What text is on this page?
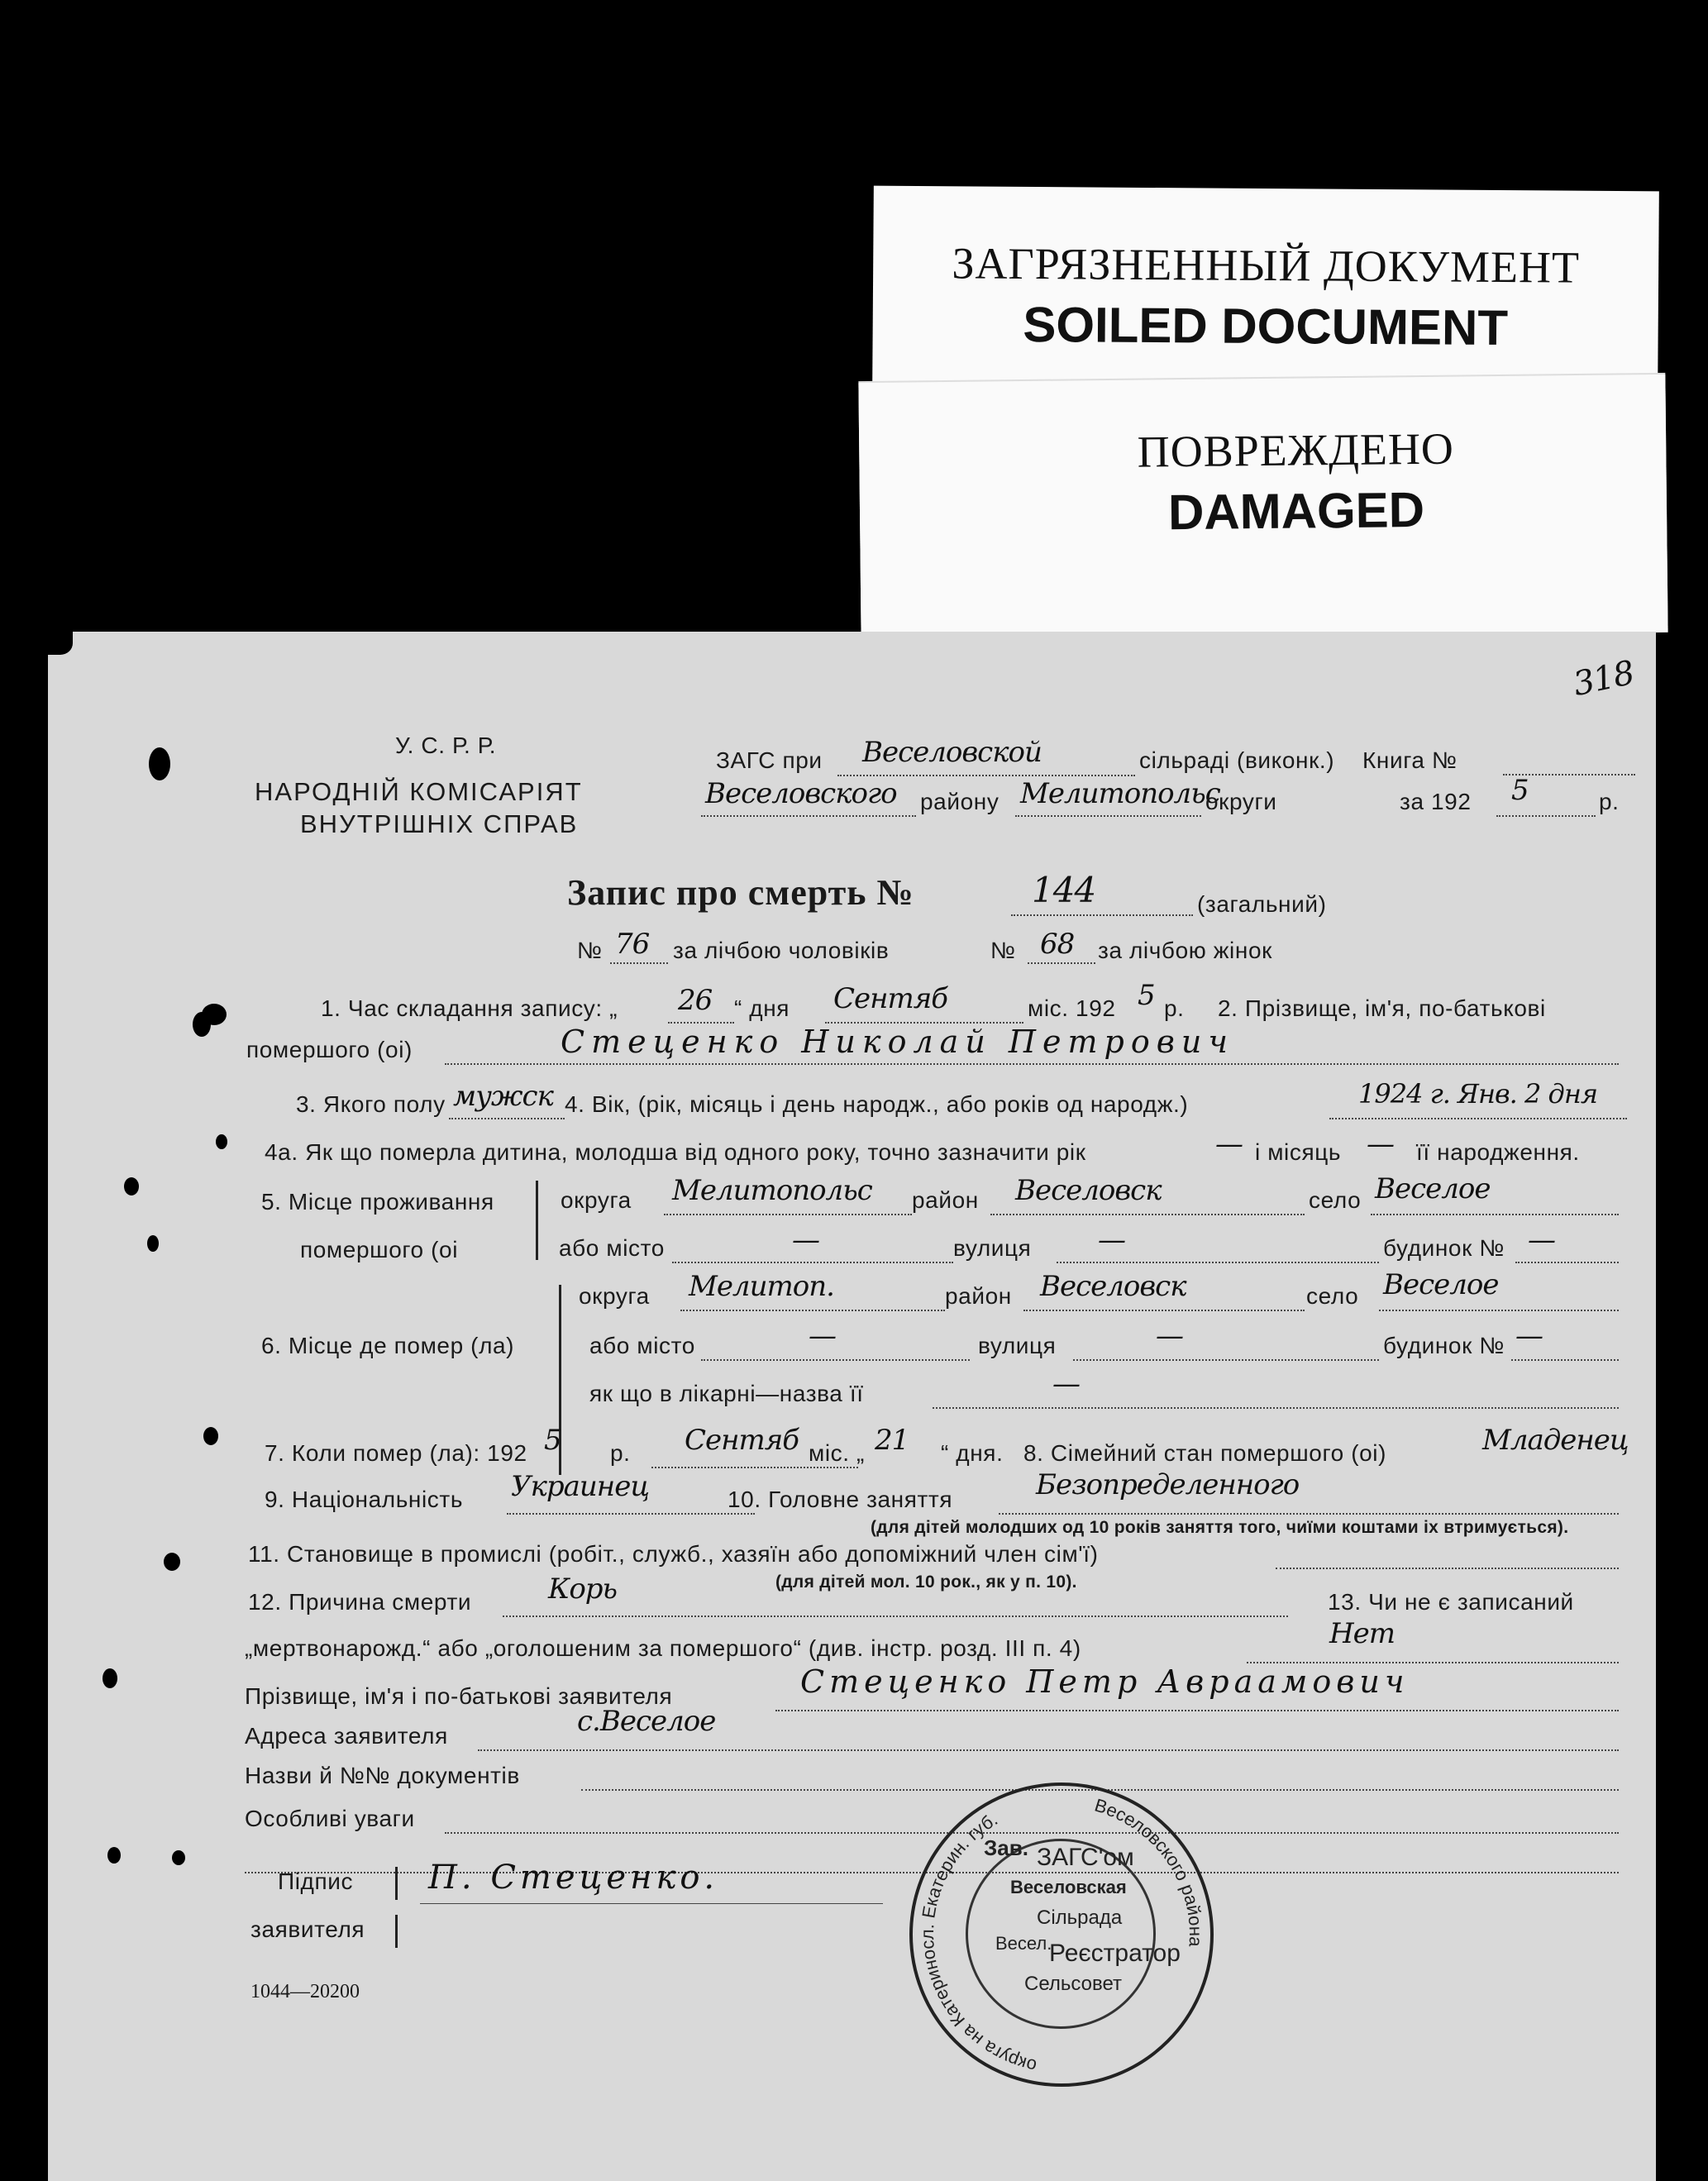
ЗАГРЯЗНЕННЫЙ ДОКУМЕНТ
SOILED DOCUMENT
ПОВРЕЖДЕНО
DAMAGED
318
У. С. Р. Р.
НАРОДНІЙ КОМІСАРІЯТ
ВНУТРІШНІХ СПРАВ
ЗАГС при Веселовской	сільраді (виконк.) Книга №
Веселовского району Мелитопольс
округи	за 192 5	р.
Запис про смерть №	144	(загальний)
№ 76 за лічбою чоловіків	№ 68 за лічбою жінок
1. Час складання запису: „ 26 “ дня Сентяб	міс. 192 5 р. 2. Прізвище, ім'я, по-батькові
помершого (оі)	Стеценко Николай Петрович
3. Якого полу мужск 4. Вік, (рік, місяць і день народж., або років од народж.)	1924 г. Янв. 2 дня
4а. Як що померла дитина, молодша від одного року, точно зазначити рік	— і місяць — її народження.
5. Місце проживання
помершого (оі
округа Мелитопольс район Веселовск	село Веселое
або місто	—	вулиця —	будинок № —
округа Мелитоп.	район Веселовск	село Веселое
6. Місце де помер (ла)	або місто	—	вулиця	—	будинок № —
як що в лікарні—назва її	—
7. Коли помер (ла): 192 5 р. Сентяб міс. „ 21 “ дня. 8. Сімейний стан помершого (оі)	Младенец
9. Національність Украинец	10. Головне заняття	Безопределенного
(для дітей молодших од 10 років заняття того, чиїми коштами іх втримується).
11. Становище в промислі (робіт., служб., хазяїн або допоміжний член сім'ї)
(для дітей мол. 10 рок., як у п. 10).
12. Причина смерти	Корь	13. Чи не є записаний
„мертвонарожд.“ або „оголошеним за помершого“ (див. інстр. розд. III п. 4)	Нет
Прізвище, ім'я і по-батькові заявителя	Стеценко Петр Авраамович
Адреса заявителя	с.Веселое
Назви й №№ документів
Особливі уваги
Підпис
заявителя
П. Стеценко.
1044—20200
округа на Катериносл. Екатерин. губ.
Веселовского района
Зав. ЗАГС'ом
Веселовская
Сільрада
Весел.
Реєстратор
Сельсовет
